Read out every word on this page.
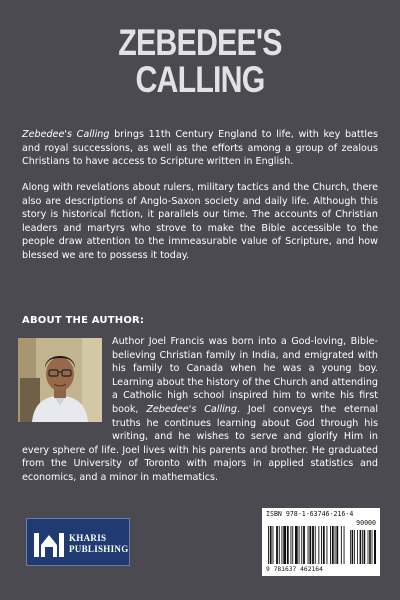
ZEBEDEE'S
CALLING

Zebedee's Calling brings 11th Century England to life, with key battles and royal successions, as well as the efforts among a group of zealous Christians to have access to Scripture written in English.

Along with revelations about rulers, military tactics and the Church, there also are descriptions of Anglo-Saxon society and daily life. Although this story is historical fiction, it parallels our time. The accounts of Christian leaders and martyrs who strove to make the Bible accessible to the people draw attention to the immeasurable value of Scripture, and how blessed we are to possess it today.

ABOUT THE AUTHOR:

Author Joel Francis was born into a God-loving, Bible-believing Christian family in India, and emigrated with his family to Canada when he was a young boy. Learning about the history of the Church and attending a Catholic high school inspired him to write his first book, Zebedee's Calling. Joel conveys the eternal truths he continues learning about God through his writing, and he wishes to serve and glorify Him in every sphere of life. Joel lives with his parents and brother. He graduated from the University of Toronto with majors in applied statistics and economics, and a minor in mathematics.

KHARIS
PUBLISHING
ISBN 978-1-63746-216-4
90000
9 781637 462164
